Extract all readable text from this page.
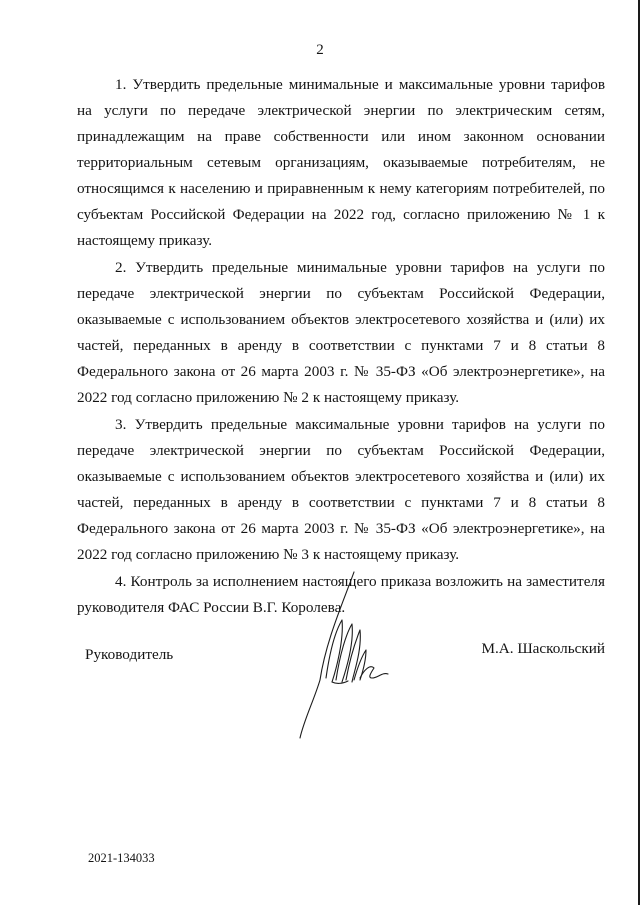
2

1. Утвердить предельные минимальные и максимальные уровни тарифов на услуги по передаче электрической энергии по электрическим сетям, принадлежащим на праве собственности или ином законном основании территориальным сетевым организациям, оказываемые потребителям, не относящимся к населению и приравненным к нему категориям потребителей, по субъектам Российской Федерации на 2022 год, согласно приложению № 1 к настоящему приказу.

2. Утвердить предельные минимальные уровни тарифов на услуги по передаче электрической энергии по субъектам Российской Федерации, оказываемые с использованием объектов электросетевого хозяйства и (или) их частей, переданных в аренду в соответствии с пунктами 7 и 8 статьи 8 Федерального закона от 26 марта 2003 г. № 35-ФЗ «Об электроэнергетике», на 2022 год согласно приложению № 2 к настоящему приказу.

3. Утвердить предельные максимальные уровни тарифов на услуги по передаче электрической энергии по субъектам Российской Федерации, оказываемые с использованием объектов электросетевого хозяйства и (или) их частей, переданных в аренду в соответствии с пунктами 7 и 8 статьи 8 Федерального закона от 26 марта 2003 г. № 35-ФЗ «Об электроэнергетике», на 2022 год согласно приложению № 3 к настоящему приказу.

4. Контроль за исполнением настоящего приказа возложить на заместителя руководителя ФАС России В.Г. Королева.

Руководитель	М.А. Шаскольский
2021-134033
